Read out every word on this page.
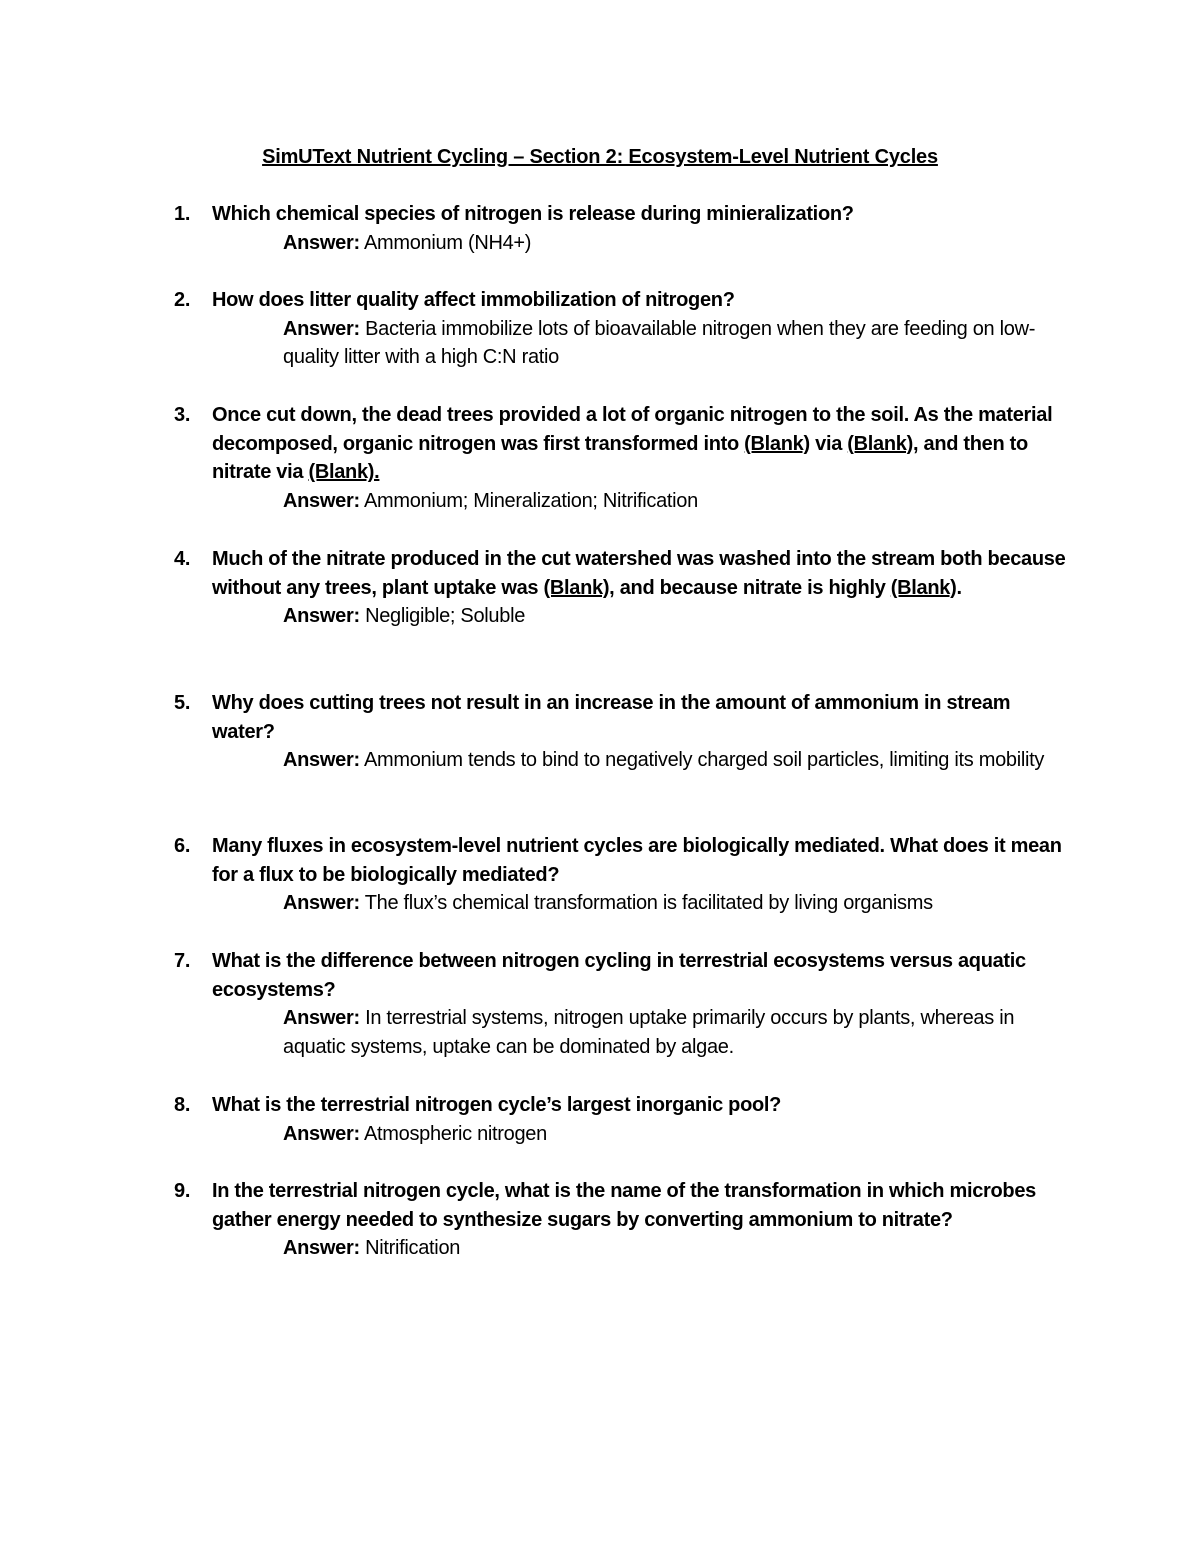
SimUText Nutrient Cycling – Section 2: Ecosystem-Level Nutrient Cycles
1. Which chemical species of nitrogen is release during minieralization?
Answer: Ammonium (NH4+)
2. How does litter quality affect immobilization of nitrogen?
Answer: Bacteria immobilize lots of bioavailable nitrogen when they are feeding on low-quality litter with a high C:N ratio
3. Once cut down, the dead trees provided a lot of organic nitrogen to the soil. As the material decomposed, organic nitrogen was first transformed into (Blank) via (Blank), and then to nitrate via (Blank).
Answer: Ammonium; Mineralization; Nitrification
4. Much of the nitrate produced in the cut watershed was washed into the stream both because without any trees, plant uptake was (Blank), and because nitrate is highly (Blank).
Answer: Negligible; Soluble
5. Why does cutting trees not result in an increase in the amount of ammonium in stream water?
Answer: Ammonium tends to bind to negatively charged soil particles, limiting its mobility
6. Many fluxes in ecosystem-level nutrient cycles are biologically mediated. What does it mean for a flux to be biologically mediated?
Answer: The flux’s chemical transformation is facilitated by living organisms
7. What is the difference between nitrogen cycling in terrestrial ecosystems versus aquatic ecosystems?
Answer: In terrestrial systems, nitrogen uptake primarily occurs by plants, whereas in aquatic systems, uptake can be dominated by algae.
8. What is the terrestrial nitrogen cycle’s largest inorganic pool?
Answer: Atmospheric nitrogen
9. In the terrestrial nitrogen cycle, what is the name of the transformation in which microbes gather energy needed to synthesize sugars by converting ammonium to nitrate?
Answer: Nitrification
